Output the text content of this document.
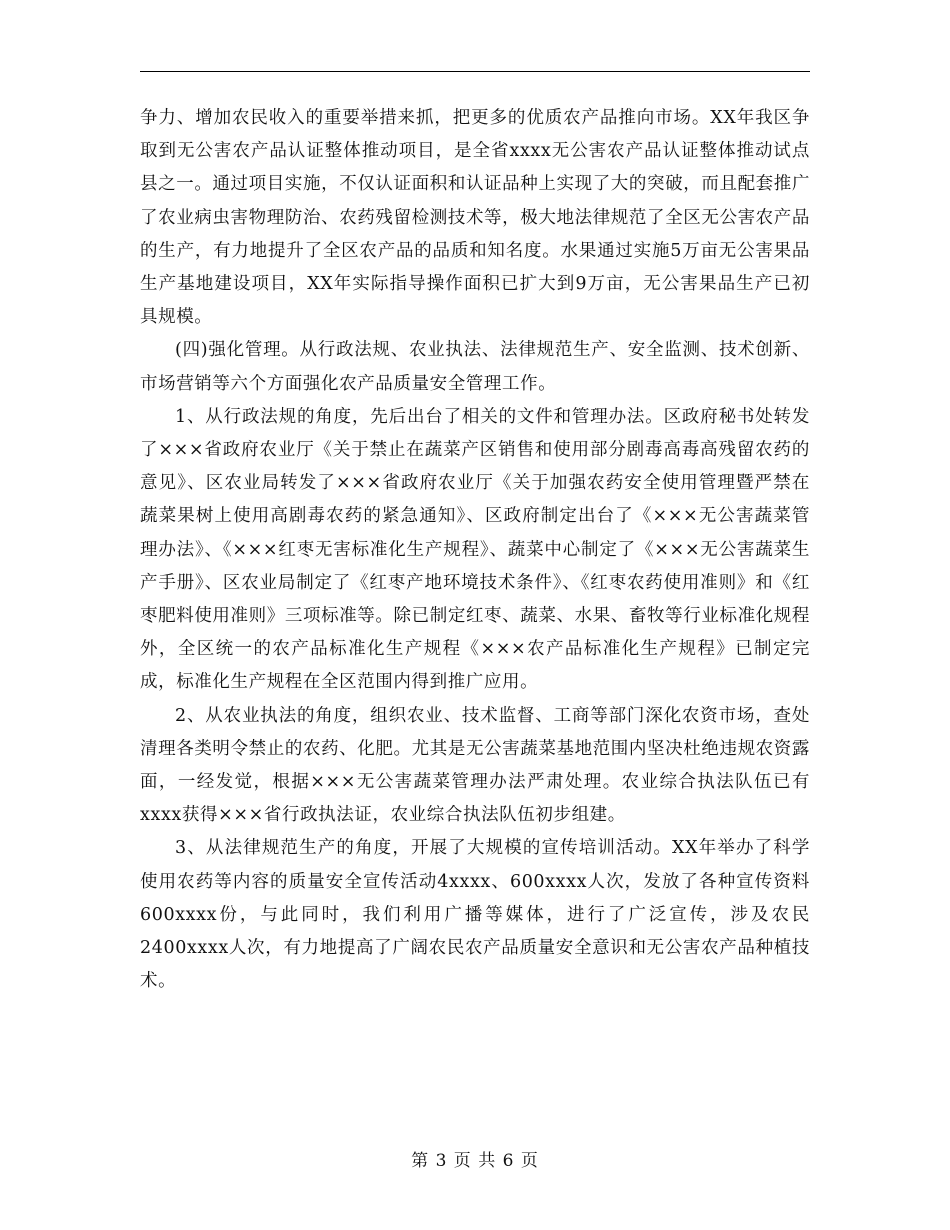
争力、增加农民收入的重要举措来抓，把更多的优质农产品推向市场。XX年我区争取到无公害农产品认证整体推动项目，是全省xxxx无公害农产品认证整体推动试点县之一。通过项目实施，不仅认证面积和认证品种上实现了大的突破，而且配套推广了农业病虫害物理防治、农药残留检测技术等，极大地法律规范了全区无公害农产品的生产，有力地提升了全区农产品的品质和知名度。水果通过实施5万亩无公害果品生产基地建设项目，XX年实际指导操作面积已扩大到9万亩，无公害果品生产已初具规模。

(四)强化管理。从行政法规、农业执法、法律规范生产、安全监测、技术创新、市场营销等六个方面强化农产品质量安全管理工作。

1、从行政法规的角度，先后出台了相关的文件和管理办法。区政府秘书处转发了×××省政府农业厅《关于禁止在蔬菜产区销售和使用部分剧毒高毒高残留农药的意见》、区农业局转发了×××省政府农业厅《关于加强农药安全使用管理暨严禁在蔬菜果树上使用高剧毒农药的紧急通知》、区政府制定出台了《×××无公害蔬菜管理办法》、《×××红枣无害标准化生产规程》、蔬菜中心制定了《×××无公害蔬菜生产手册》、区农业局制定了《红枣产地环境技术条件》、《红枣农药使用准则》和《红枣肥料使用准则》三项标准等。除已制定红枣、蔬菜、水果、畜牧等行业标准化规程外，全区统一的农产品标准化生产规程《×××农产品标准化生产规程》已制定完成，标准化生产规程在全区范围内得到推广应用。

2、从农业执法的角度，组织农业、技术监督、工商等部门深化农资市场，查处清理各类明令禁止的农药、化肥。尤其是无公害蔬菜基地范围内坚决杜绝违规农资露面，一经发觉，根据×××无公害蔬菜管理办法严肃处理。农业综合执法队伍已有xxxx获得×××省行政执法证，农业综合执法队伍初步组建。

3、从法律规范生产的角度，开展了大规模的宣传培训活动。XX年举办了科学使用农药等内容的质量安全宣传活动4xxxx、600xxxx人次，发放了各种宣传资料600xxxx份，与此同时，我们利用广播等媒体，进行了广泛宣传，涉及农民2400xxxx人次，有力地提高了广阔农民农产品质量安全意识和无公害农产品种植技术。

第 3 页 共 6 页
